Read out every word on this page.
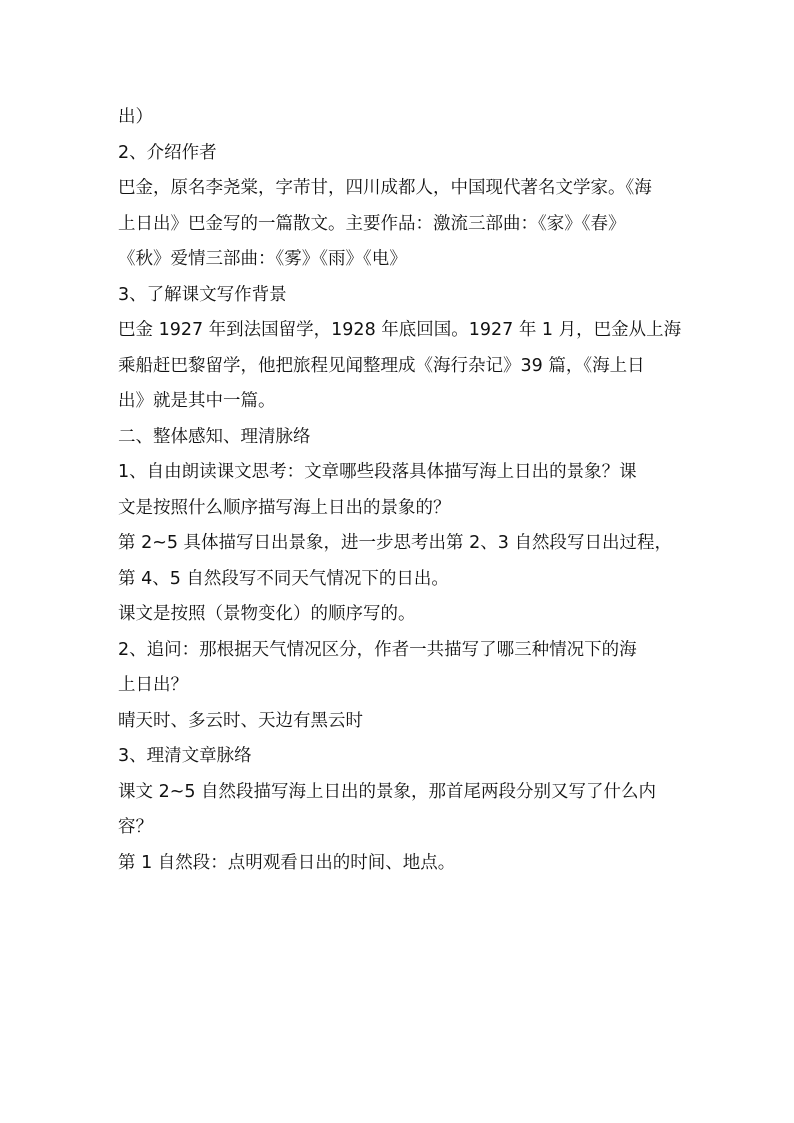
出）
2、介绍作者
巴金，原名李尧棠，字芾甘，四川成都人，中国现代著名文学家。《海
上日出》巴金写的一篇散文。主要作品：激流三部曲：《家》《春》
《秋》爱情三部曲：《雾》《雨》《电》
3、了解课文写作背景
巴金 1927 年到法国留学，1928 年底回国。1927 年 1 月，巴金从上海
乘船赶巴黎留学，他把旅程见闻整理成《海行杂记》39 篇，《海上日
出》就是其中一篇。
二、整体感知、理清脉络
1、自由朗读课文思考：文章哪些段落具体描写海上日出的景象？课
文是按照什么顺序描写海上日出的景象的？
第 2~5 具体描写日出景象，进一步思考出第 2、3 自然段写日出过程，
第 4、5 自然段写不同天气情况下的日出。
课文是按照（景物变化）的顺序写的。
2、追问：那根据天气情况区分，作者一共描写了哪三种情况下的海
上日出？
晴天时、多云时、天边有黑云时
3、理清文章脉络
课文 2~5 自然段描写海上日出的景象，那首尾两段分别又写了什么内
容？
第 1 自然段：点明观看日出的时间、地点。
